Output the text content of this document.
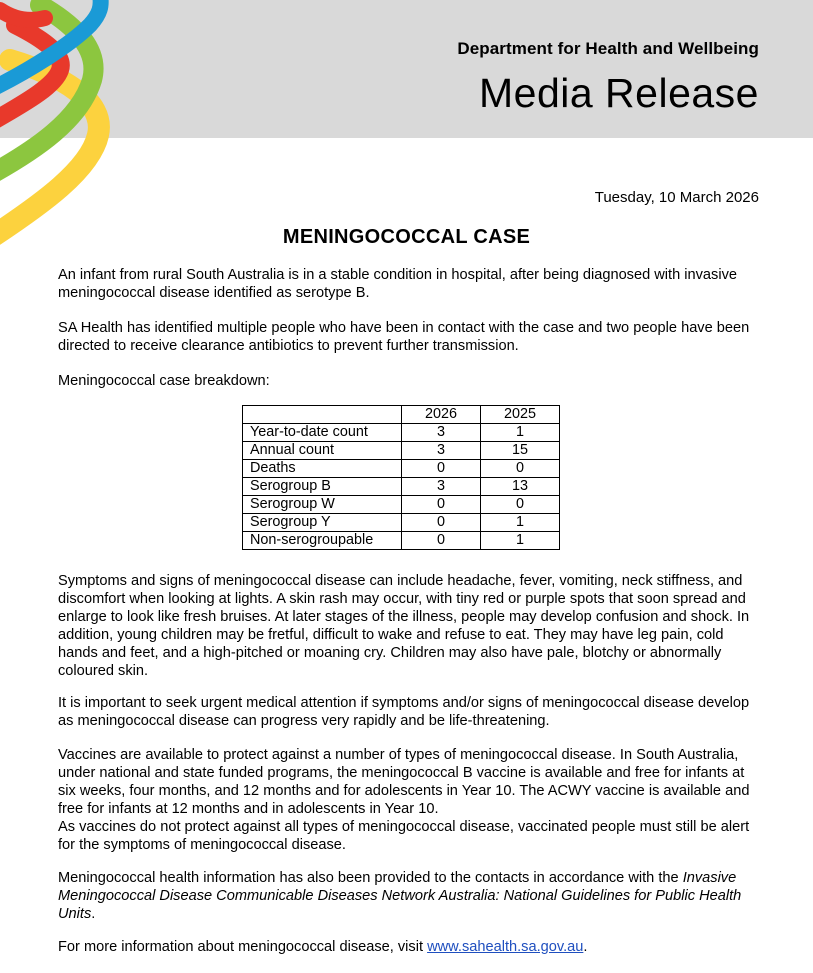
Department for Health and Wellbeing
Media Release
Tuesday, 10 March 2026
MENINGOCOCCAL CASE

An infant from rural South Australia is in a stable condition in hospital, after being diagnosed with invasive meningococcal disease identified as serotype B.

SA Health has identified multiple people who have been in contact with the case and two people have been directed to receive clearance antibiotics to prevent further transmission.

Meningococcal case breakdown:

	2026	2025
Year-to-date count	3	1
Annual count	3	15
Deaths	0	0
Serogroup B	3	13
Serogroup W	0	0
Serogroup Y	0	1
Non-serogroupable	0	1

Symptoms and signs of meningococcal disease can include headache, fever, vomiting, neck stiffness, and discomfort when looking at lights. A skin rash may occur, with tiny red or purple spots that soon spread and enlarge to look like fresh bruises. At later stages of the illness, people may develop confusion and shock. In addition, young children may be fretful, difficult to wake and refuse to eat. They may have leg pain, cold hands and feet, and a high-pitched or moaning cry. Children may also have pale, blotchy or abnormally coloured skin.

It is important to seek urgent medical attention if symptoms and/or signs of meningococcal disease develop as meningococcal disease can progress very rapidly and be life-threatening.

Vaccines are available to protect against a number of types of meningococcal disease. In South Australia, under national and state funded programs, the meningococcal B vaccine is available and free for infants at six weeks, four months, and 12 months and for adolescents in Year 10. The ACWY vaccine is available and free for infants at 12 months and in adolescents in Year 10.

As vaccines do not protect against all types of meningococcal disease, vaccinated people must still be alert for the symptoms of meningococcal disease.

Meningococcal health information has also been provided to the contacts in accordance with the Invasive Meningococcal Disease Communicable Diseases Network Australia: National Guidelines for Public Health Units.

For more information about meningococcal disease, visit www.sahealth.sa.gov.au.
